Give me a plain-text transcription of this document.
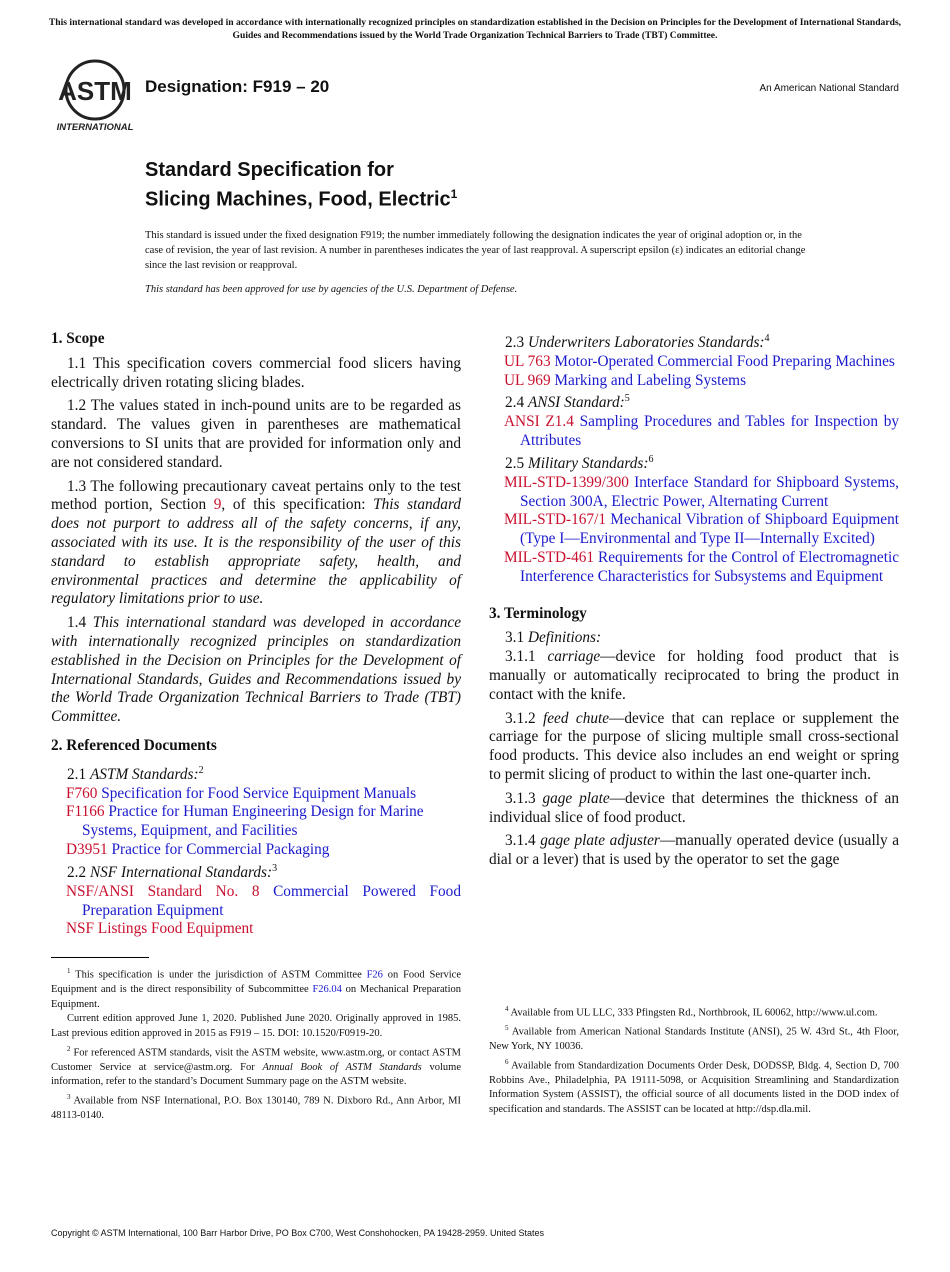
This international standard was developed in accordance with internationally recognized principles on standardization established in the Decision on Principles for the Development of International Standards, Guides and Recommendations issued by the World Trade Organization Technical Barriers to Trade (TBT) Committee.
ASTM
INTERNATIONAL
Designation: F919 – 20	An American National Standard
Standard Specification for
Slicing Machines, Food, Electric$^1$
This standard is issued under the fixed designation F919; the number immediately following the designation indicates the year of original adoption or, in the case of revision, the year of last revision. A number in parentheses indicates the year of last reapproval. A superscript epsilon (ε) indicates an editorial change since the last revision or reapproval.
This standard has been approved for use by agencies of the U.S. Department of Defense.

1. Scope

1.1 This specification covers commercial food slicers having electrically driven rotating slicing blades.

1.2 The values stated in inch-pound units are to be regarded as standard. The values given in parentheses are mathematical conversions to SI units that are provided for information only and are not considered standard.

1.3 The following precautionary caveat pertains only to the test method portion, Section 9, of this specification: This standard does not purport to address all of the safety concerns, if any, associated with its use. It is the responsibility of the user of this standard to establish appropriate safety, health, and environmental practices and determine the applicability of regulatory limitations prior to use.

1.4 This international standard was developed in accordance with internationally recognized principles on standardization established in the Decision on Principles for the Development of International Standards, Guides and Recommendations issued by the World Trade Organization Technical Barriers to Trade (TBT) Committee.

2. Referenced Documents

2.1 ASTM Standards:$^2$

F760 Specification for Food Service Equipment Manuals

F1166 Practice for Human Engineering Design for Marine Systems, Equipment, and Facilities

D3951 Practice for Commercial Packaging

2.2 NSF International Standards:$^3$

NSF/ANSI Standard No. 8 Commercial Powered Food Preparation Equipment

NSF Listings Food Equipment

$^1$ This specification is under the jurisdiction of ASTM Committee F26 on Food Service Equipment and is the direct responsibility of Subcommittee F26.04 on Mechanical Preparation Equipment.

Current edition approved June 1, 2020. Published June 2020. Originally approved in 1985. Last previous edition approved in 2015 as F919 – 15. DOI: 10.1520/F0919-20.

$^2$ For referenced ASTM standards, visit the ASTM website, www.astm.org, or contact ASTM Customer Service at service@astm.org. For Annual Book of ASTM Standards volume information, refer to the standard’s Document Summary page on the ASTM website.

$^3$ Available from NSF International, P.O. Box 130140, 789 N. Dixboro Rd., Ann Arbor, MI 48113-0140.

2.3 Underwriters Laboratories Standards:$^4$

UL 763 Motor-Operated Commercial Food Preparing Machines

UL 969 Marking and Labeling Systems

2.4 ANSI Standard:$^5$

ANSI Z1.4 Sampling Procedures and Tables for Inspection by Attributes

2.5 Military Standards:$^6$

MIL-STD-1399/300 Interface Standard for Shipboard Systems, Section 300A, Electric Power, Alternating Current

MIL-STD-167/1 Mechanical Vibration of Shipboard Equipment (Type I—Environmental and Type II—Internally Excited)

MIL-STD-461 Requirements for the Control of Electromagnetic Interference Characteristics for Subsystems and Equipment

3. Terminology

3.1 Definitions:

3.1.1 carriage—device for holding food product that is manually or automatically reciprocated to bring the product in contact with the knife.

3.1.2 feed chute—device that can replace or supplement the carriage for the purpose of slicing multiple small cross-sectional food products. This device also includes an end weight or spring to permit slicing of product to within the last one-quarter inch.

3.1.3 gage plate—device that determines the thickness of an individual slice of food product.

3.1.4 gage plate adjuster—manually operated device (usually a dial or a lever) that is used by the operator to set the gage

$^4$ Available from UL LLC, 333 Pfingsten Rd., Northbrook, IL 60062, http://www.ul.com.

$^5$ Available from American National Standards Institute (ANSI), 25 W. 43rd St., 4th Floor, New York, NY 10036.

$^6$ Available from Standardization Documents Order Desk, DODSSP, Bldg. 4, Section D, 700 Robbins Ave., Philadelphia, PA 19111-5098, or Acquisition Streamlining and Standardization Information System (ASSIST), the official source of all documents listed in the DOD index of specification and standards. The ASSIST can be located at http://dsp.dla.mil.

Copyright © ASTM International, 100 Barr Harbor Drive, PO Box C700, West Conshohocken, PA 19428-2959. United States
